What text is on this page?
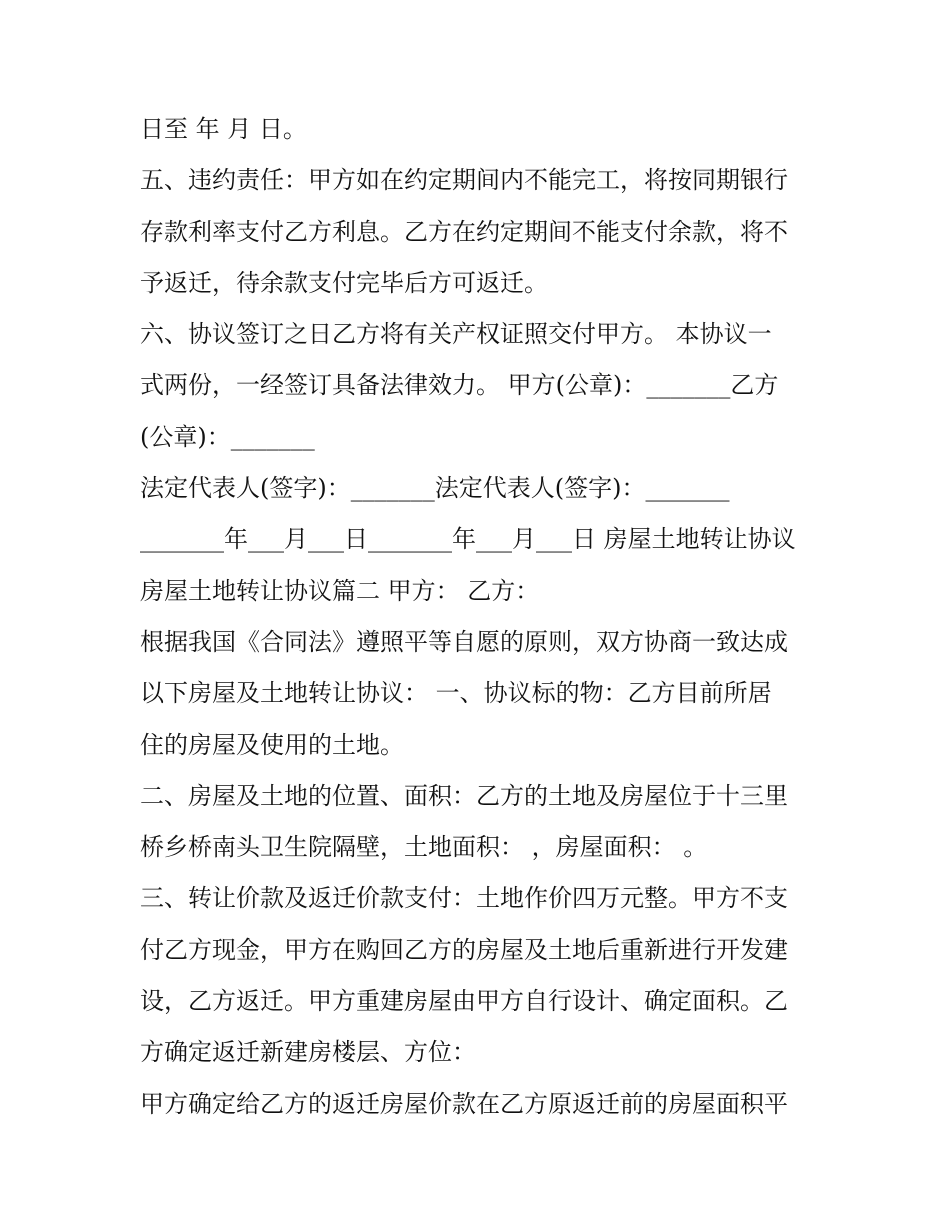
日至 年 月 日。
五、违约责任：甲方如在约定期间内不能完工，将按同期银行
存款利率支付乙方利息。乙方在约定期间不能支付余款，将不
予返迁，待余款支付完毕后方可返迁。
六、协议签订之日乙方将有关产权证照交付甲方。 本协议一
式两份，一经签订具备法律效力。 甲方(公章)：_______乙方
(公章)：_______
法定代表人(签字)：_______法定代表人(签字)：_______
_______年___月___日_______年___月___日 房屋土地转让协议
房屋土地转让协议篇二 甲方： 乙方：
根据我国《合同法》遵照平等自愿的原则，双方协商一致达成
以下房屋及土地转让协议： 一、协议标的物：乙方目前所居
住的房屋及使用的土地。
二、房屋及土地的位置、面积：乙方的土地及房屋位于十三里
桥乡桥南头卫生院隔壁，土地面积： ，房屋面积： 。
三、转让价款及返迁价款支付：土地作价四万元整。甲方不支
付乙方现金，甲方在购回乙方的房屋及土地后重新进行开发建
设，乙方返迁。甲方重建房屋由甲方自行设计、确定面积。乙
方确定返迁新建房楼层、方位：
甲方确定给乙方的返迁房屋价款在乙方原返迁前的房屋面积平
